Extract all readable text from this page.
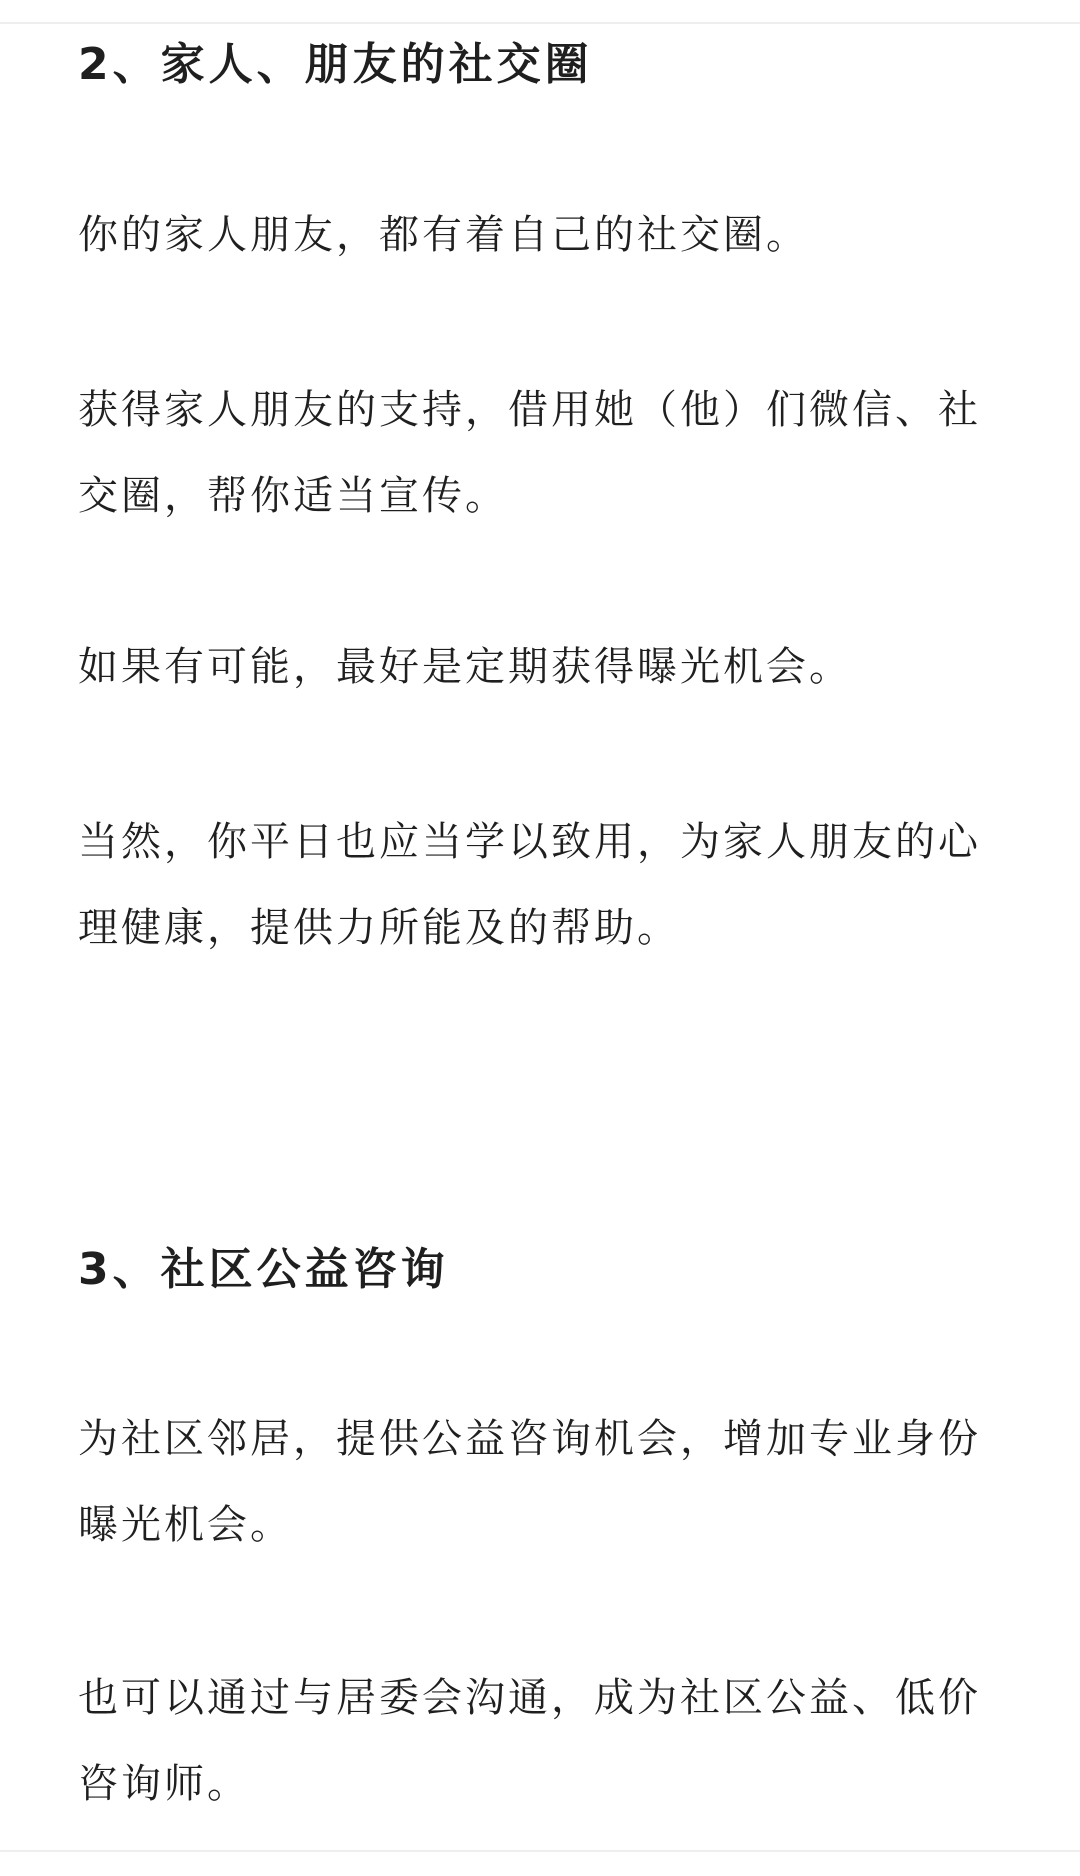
2、家人、朋友的社交圈

你的家人朋友，都有着自己的社交圈。

获得家人朋友的支持，借用她（他）们微信、社交圈，帮你适当宣传。

如果有可能，最好是定期获得曝光机会。

当然，你平日也应当学以致用，为家人朋友的心理健康，提供力所能及的帮助。

3、社区公益咨询

为社区邻居，提供公益咨询机会，增加专业身份曝光机会。

也可以通过与居委会沟通，成为社区公益、低价咨询师。
